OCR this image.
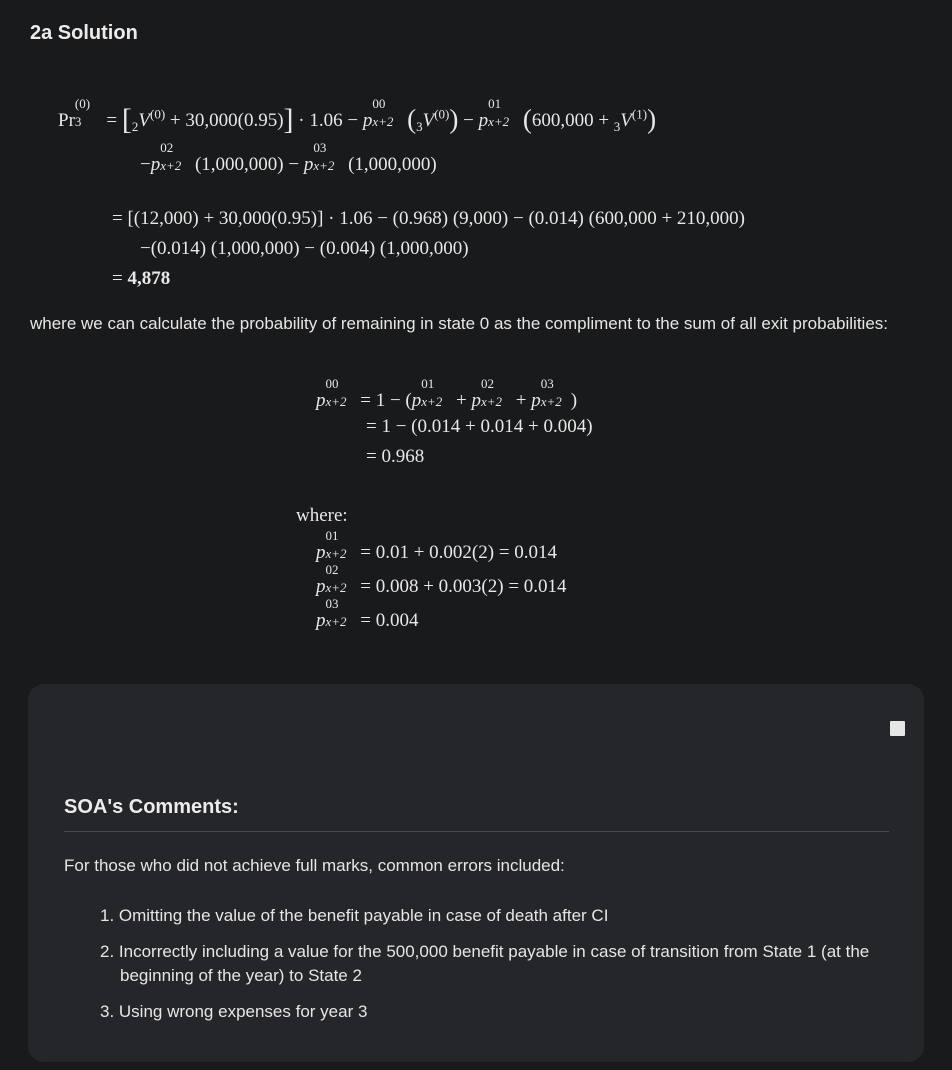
2a Solution
Pr
(0)
$3 = [_2V^{(0)} + 30,000(0.95)] \cdot 1.06 - p$
00
x+2 $(_3V^{(0)}) - p$
01
x+2 $(600,000 + _3V^{(1)})$
−p
02
x+2 (1,000,000) − p
03
x+2 (1,000,000)
= [(12,000) + 30,000(0.95)] · 1.06 − (0.968) (9,000) − (0.014) (600,000 + 210,000)
−(0.014) (1,000,000) − (0.004) (1,000,000)
= 4,878
where we can calculate the probability of remaining in state 0 as the compliment to the sum of all exit probabilities:
p
00
x+2 = 1 − (p
01
x+2 + p
02
x+2 + p
03
x+2 )
= 1 − (0.014 + 0.014 + 0.004)
= 0.968
where:
p
01
x+2 = 0.01 + 0.002(2) = 0.014
p
02
x+2 = 0.008 + 0.003(2) = 0.014
p
03
x+2 = 0.004
SOA's Comments:
For those who did not achieve full marks, common errors included:
1. Omitting the value of the benefit payable in case of death after CI
2. Incorrectly including a value for the 500,000 benefit payable in case of transition from State 1 (at the beginning of the year) to State 2
3. Using wrong expenses for year 3
